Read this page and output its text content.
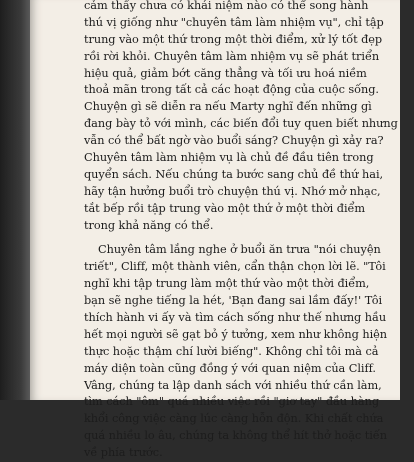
cảm thấy chưa có khái niệm nào có thể song hành
thú vị giống như "chuyên tâm làm nhiệm vụ", chỉ tập
trung vào một thứ trong một thời điểm, xử lý tốt đẹp
rồi rời khỏi. Chuyên tâm làm nhiệm vụ sẽ phát triển
hiệu quả, giảm bớt căng thẳng và tối ưu hoá niềm
thoả mãn trong tất cả các hoạt động của cuộc sống.
Chuyện gì sẽ diễn ra nếu Marty nghĩ đến những gì
đang bày tỏ với mình, các biến đổi tuy quen biết nhưng
vẫn có thể bất ngờ vào buổi sáng? Chuyện gì xảy ra?
Chuyên tâm làm nhiệm vụ là chủ đề đầu tiên trong
quyển sách. Nếu chúng ta bước sang chủ đề thứ hai,
hãy tận hưởng buổi trò chuyện thú vị. Nhớ mở nhạc,
tắt bếp rồi tập trung vào một thứ ở một thời điểm
trong khả năng có thể.
Chuyên tâm lắng nghe ở buổi ăn trưa "nói chuyện
triết", Cliff, một thành viên, cẩn thận chọn lời lẽ. "Tôi
nghĩ khi tập trung làm một thứ vào một thời điểm,
bạn sẽ nghe tiếng la hét, 'Bạn đang sai lầm đấy!' Tôi
thích hành vi ấy và tìm cách sống như thế nhưng hầu
hết mọi người sẽ gạt bỏ ý tưởng, xem như không hiện
thực hoặc thậm chí lười biếng". Không chỉ tôi mà cả
máy diện toàn cũng đồng ý với quan niệm của Cliff.
Vâng, chúng ta lập danh sách với nhiều thứ cần làm,
tìm cách "ôm" quá nhiều việc rồi "giơ tay" đầu hàng
khổi công việc càng lúc càng hỗn độn. Khi chất chứa
quá nhiều lo âu, chúng ta không thể hít thở hoặc tiến
về phía trước.
